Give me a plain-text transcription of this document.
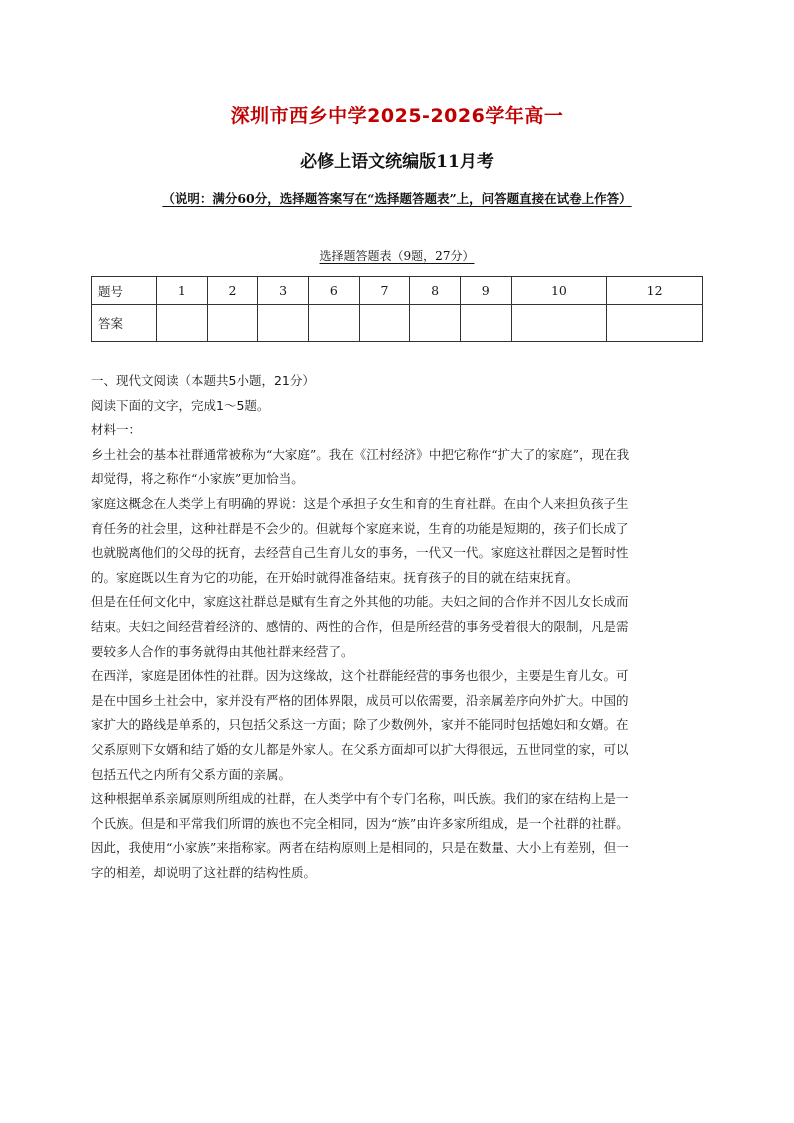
深圳市西乡中学2025-2026学年高一
必修上语文统编版11月考
（说明：满分60分，选择题答案写在“选择题答题表”上，问答题直接在试卷上作答）
选择题答题表（9题，27分）
题号	1	2	3	6	7	8	9	10	12
答案									
一、现代文阅读（本题共5小题，21分）
阅读下面的文字，完成1～5题。
材料一：
乡土社会的基本社群通常被称为“大家庭”。我在《江村经济》中把它称作“扩大了的家庭”，现在我
却觉得，将之称作“小家族”更加恰当。
家庭这概念在人类学上有明确的界说：这是个承担子女生和育的生育社群。在由个人来担负孩子生
育任务的社会里，这种社群是不会少的。但就每个家庭来说，生育的功能是短期的，孩子们长成了
也就脱离他们的父母的抚育，去经营自己生育儿女的事务，一代又一代。家庭这社群因之是暂时性
的。家庭既以生育为它的功能，在开始时就得准备结束。抚育孩子的目的就在结束抚育。
但是在任何文化中，家庭这社群总是赋有生育之外其他的功能。夫妇之间的合作并不因儿女长成而
结束。夫妇之间经营着经济的、感情的、两性的合作，但是所经营的事务受着很大的限制，凡是需
要较多人合作的事务就得由其他社群来经营了。
在西洋，家庭是团体性的社群。因为这缘故，这个社群能经营的事务也很少，主要是生育儿女。可
是在中国乡土社会中，家并没有严格的团体界限，成员可以依需要，沿亲属差序向外扩大。中国的
家扩大的路线是单系的，只包括父系这一方面；除了少数例外，家并不能同时包括媳妇和女婿。在
父系原则下女婿和结了婚的女儿都是外家人。在父系方面却可以扩大得很远，五世同堂的家，可以
包括五代之内所有父系方面的亲属。
这种根据单系亲属原则所组成的社群，在人类学中有个专门名称，叫氏族。我们的家在结构上是一
个氏族。但是和平常我们所谓的族也不完全相同，因为“族”由许多家所组成，是一个社群的社群。
因此，我使用“小家族”来指称家。两者在结构原则上是相同的，只是在数量、大小上有差别，但一
字的相差，却说明了这社群的结构性质。
